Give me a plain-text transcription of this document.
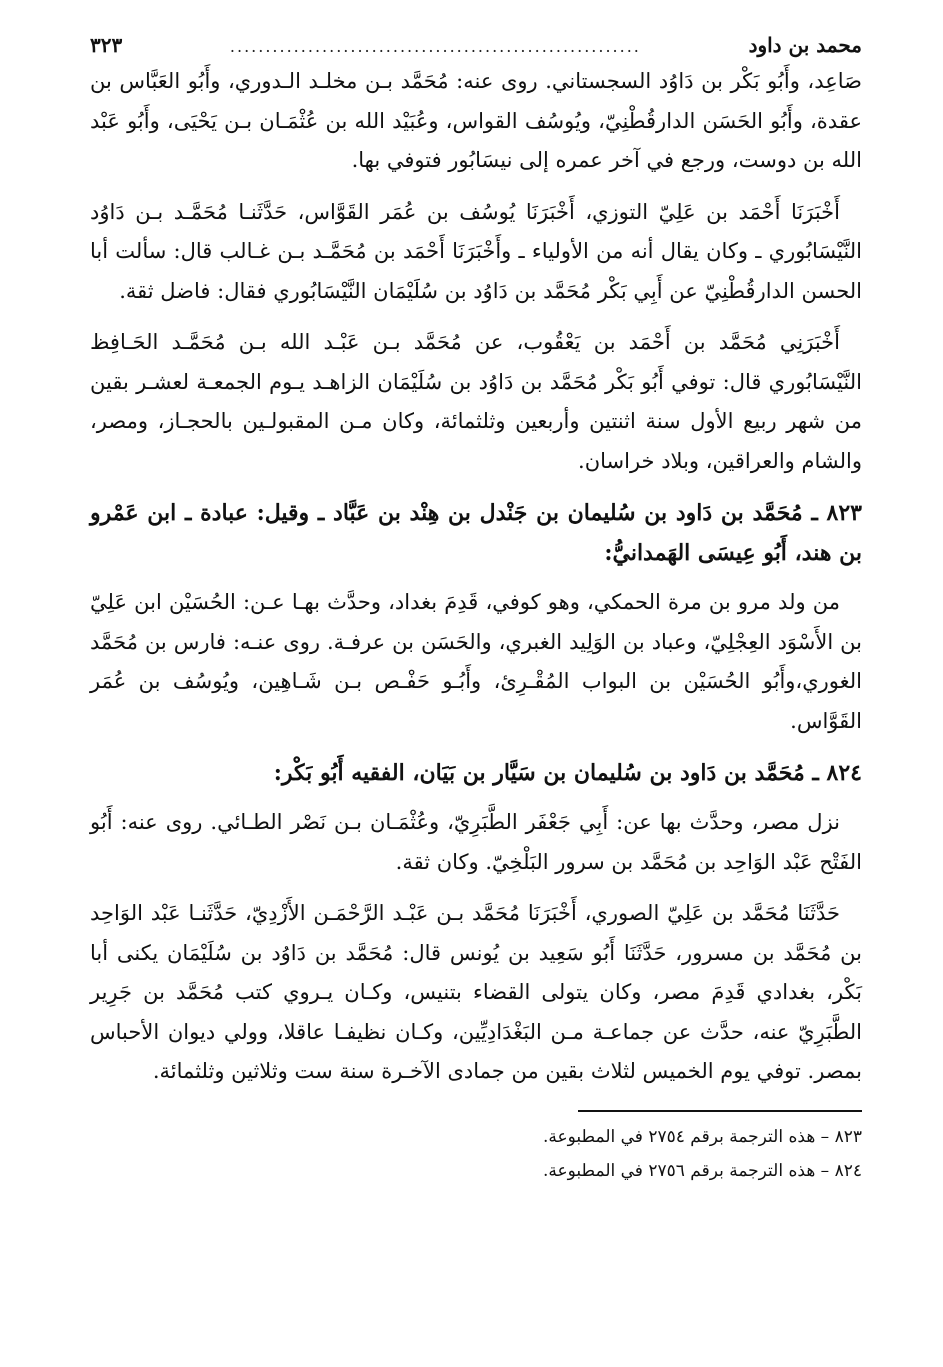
محمد بن داود
..........................................................
٣٢٣

صَاعِد، وأَبُو بَكْر بن دَاوُد السجستاني. روى عنه: مُحَمَّد بـن مخلـد الـدوري، وأَبُو العَبَّاس بن عقدة، وأَبُو الحَسَن الدارقُطْنِيّ، ويُوسُف القواس، وعُبَيْد الله بن عُثْمَـان بـن يَحْيَى، وأَبُو عَبْد الله بن دوست، ورجع في آخر عمره إلى نيسَابُور فتوفي بها.

أَخْبَرَنَا أَحْمَد بن عَلِيّ التوزي، أَخْبَرَنَا يُوسُف بن عُمَر القَوَّاس، حَدَّثَنـا مُحَمَّـد بـن دَاوُد النَّيْسَابُوري ـ وكان يقال أنه من الأولياء ـ وأَخْبَرَنَا أَحْمَد بن مُحَمَّـد بـن غـالب قال: سألت أبا الحسن الدارقُطْنِيّ عن أَبِي بَكْر مُحَمَّد بن دَاوُد بن سُلَيْمَان النَّيْسَابُوري فقال: فاضل ثقة.

أَخْبَرَنِي مُحَمَّد بن أَحْمَد بن يَعْقُوب، عن مُحَمَّد بـن عَبْـد الله بـن مُحَمَّـد الحَـافِظ النَّيْسَابُوري قال: توفي أَبُو بَكْر مُحَمَّد بن دَاوُد بن سُلَيْمَان الزاهـد يـوم الجمعـة لعشـر بقين من شهر ربيع الأول سنة اثنتين وأربعين وثلثمائة، وكان مـن المقبولـين بالحجـاز، ومصر، والشام والعراقين، وبلاد خراسان.

٨٢٣ ـ مُحَمَّد بن دَاود بن سُليمان بن جَنْدل بن هِنْد بن عَبَّاد ـ وقيل: عبادة ـ ابن عَمْرو بن هند، أَبُو عِيسَى الهَمدانيُّ:

من ولد مرو بن مرة الحمكي، وهو كوفي، قَدِمَ بغداد، وحدَّث بهـا عـن: الحُسَيْن ابن عَلِيّ بن الأَسْوَد العِجْلِيّ، وعباد بن الوَلِيد الغبري، والحَسَن بن عرفـة. روى عنـه: فارس بن مُحَمَّد الغوري،وأَبُو الحُسَيْن بن البواب المُقْـرِئ، وأَبُـو حَفْـص بـن شَـاهِين، ويُوسُف بن عُمَر القَوَّاس.

٨٢٤ ـ مُحَمَّد بن دَاود بن سُليمان بن سَيَّار بن بَيَان، الفقيه أَبُو بَكْر:

نزل مصر، وحدَّث بها عن: أَبِي جَعْفَر الطَّبَرِيّ، وعُثْمَـان بـن نَصْر الطـائي. روى عنه: أَبُو الفَتْح عَبْد الوَاحِد بن مُحَمَّد بن سرور البَلْخِيّ. وكان ثقة.

حَدَّثَنَا مُحَمَّد بن عَلِيّ الصوري، أَخْبَرَنَا مُحَمَّد بـن عَبْـد الرَّحْمَـن الأَزْدِيّ، حَدَّثَنـا عَبْد الوَاحِد بن مُحَمَّد بن مسرور، حَدَّثَنَا أَبُو سَعِيد بن يُونس قال: مُحَمَّد بن دَاوُد بن سُلَيْمَان يكنى أبا بَكْر، بغدادي قَدِمَ مصر، وكان يتولى القضاء بتنيس، وكـان يـروي كتب مُحَمَّد بن جَرِير الطَّبَرِيّ عنه، حدَّث عن جماعـة مـن البَغْدَادِيِّين، وكـان نظيفـا عاقلا، وولي ديوان الأحباس بمصر. توفي يوم الخميس لثلاث بقين من جمادى الآخـرة سنة ست وثلاثين وثلثمائة.

٨٢٣ – هذه الترجمة برقم ٢٧٥٤ في المطبوعة.

٨٢٤ – هذه الترجمة برقم ٢٧٥٦ في المطبوعة.
